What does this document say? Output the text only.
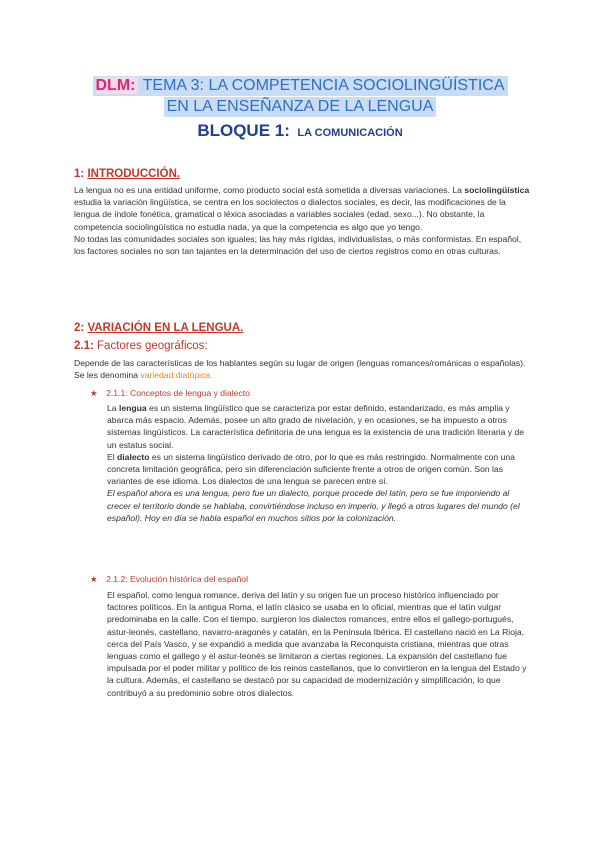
DLM: TEMA 3: LA COMPETENCIA SOCIOLINGÜÍSTICA
EN LA ENSEÑANZA DE LA LENGUA
BLOQUE 1: LA COMUNICACIÓN
1: INTRODUCCIÓN.

La lengua no es una entidad uniforme, como producto social está sometida a diversas variaciones. La sociolingüística estudia la variación lingüística, se centra en los sociolectos o dialectos sociales, es decir, las modificaciones de la lengua de índole fonética, gramatical o léxica asociadas a variables sociales (edad, sexo...). No obstante, la competencia sociolingüística no estudia nada, ya que la competencia es algo que yo tengo.

No todas las comunidades sociales son iguales; las hay más rígidas, individualistas, o más conformistas. En español, los factores sociales no son tan tajantes en la determinación del uso de ciertos registros como en otras culturas.

2: VARIACIÓN EN LA LENGUA.
2.1: Factores geográficos:

Depende de las características de los hablantes según su lugar de origen (lenguas romances/románicas o españolas). Se les denomina variedad diatópica.

★ 2.1.1: Conceptos de lengua y dialecto

La lengua es un sistema lingüístico que se caracteriza por estar definido, estandarizado, es más amplia y abarca más espacio. Además, posee un alto grado de nivelación, y en ocasiones, se ha impuesto a otros sistemas lingüísticos. La característica definitoria de una lengua es la existencia de una tradición literaria y de un estatus social.

El dialecto es un sistema lingüístico derivado de otro, por lo que es más restringido. Normalmente con una concreta limitación geográfica, pero sin diferenciación suficiente frente a otros de origen común. Son las variantes de ese idioma. Los dialectos de una lengua se parecen entre sí.

El español ahora es una lengua, pero fue un dialecto, porque procede del latín, pero se fue imponiendo al crecer el territorio donde se hablaba, convirtiéndose incluso en imperio, y llegó a otros lugares del mundo (el español). Hoy en día se habla español en muchos sitios por la colonización.

★ 2.1.2: Evolución histórica del español

El español, como lengua romance, deriva del latín y su origen fue un proceso histórico influenciado por factores políticos. En la antigua Roma, el latín clásico se usaba en lo oficial, mientras que el latín vulgar predominaba en la calle. Con el tiempo, surgieron los dialectos romances, entre ellos el gallego-portugués, astur-leonés, castellano, navarro-aragonés y catalán, en la Península Ibérica. El castellano nació en La Rioja, cerca del País Vasco, y se expandió a medida que avanzaba la Reconquista cristiana, mientras que otras lenguas como el gallego y el astur-leonés se limitaron a ciertas regiones. La expansión del castellano fue impulsada por el poder militar y político de los reinos castellanos, que lo convirtieron en la lengua del Estado y la cultura. Además, el castellano se destacó por su capacidad de modernización y simplificación, lo que contribuyó a su predominio sobre otros dialectos.
